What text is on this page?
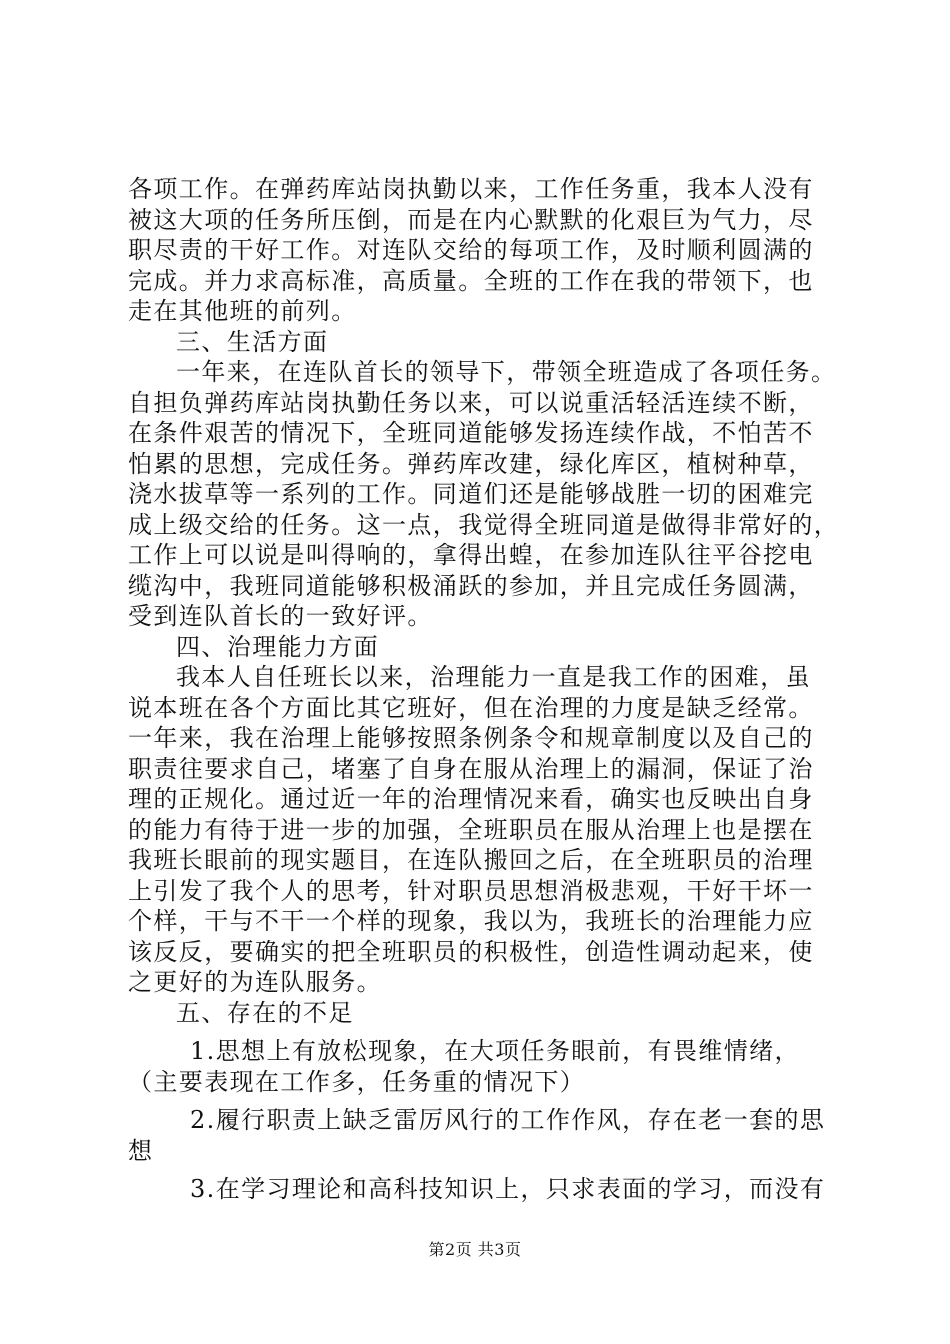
各项工作。在弹药库站岗执勤以来，工作任务重，我本人没有
被这大项的任务所压倒，而是在内心默默的化艰巨为气力，尽
职尽责的干好工作。对连队交给的每项工作，及时顺利圆满的
完成。并力求高标准，高质量。全班的工作在我的带领下，也
走在其他班的前列。
三、生活方面
一年来，在连队首长的领导下，带领全班造成了各项任务。
自担负弹药库站岗执勤任务以来，可以说重活轻活连续不断，
在条件艰苦的情况下，全班同道能够发扬连续作战，不怕苦不
怕累的思想，完成任务。弹药库改建，绿化库区，植树种草，
浇水拔草等一系列的工作。同道们还是能够战胜一切的困难完
成上级交给的任务。这一点，我觉得全班同道是做得非常好的，
工作上可以说是叫得响的，拿得出蝗，在参加连队往平谷挖电
缆沟中，我班同道能够积极涌跃的参加，并且完成任务圆满，
受到连队首长的一致好评。
四、治理能力方面
我本人自任班长以来，治理能力一直是我工作的困难，虽
说本班在各个方面比其它班好，但在治理的力度是缺乏经常。
一年来，我在治理上能够按照条例条令和规章制度以及自己的
职责往要求自己，堵塞了自身在服从治理上的漏洞，保证了治
理的正规化。通过近一年的治理情况来看，确实也反映出自身
的能力有待于进一步的加强，全班职员在服从治理上也是摆在
我班长眼前的现实题目，在连队搬回之后，在全班职员的治理
上引发了我个人的思考，针对职员思想消极悲观，干好干坏一
个样，干与不干一个样的现象，我以为，我班长的治理能力应
该反反，要确实的把全班职员的积极性，创造性调动起来，使
之更好的为连队服务。
五、存在的不足
1.思想上有放松现象，在大项任务眼前，有畏维情绪，
（主要表现在工作多，任务重的情况下）
2.履行职责上缺乏雷厉风行的工作作风，存在老一套的思
想
3.在学习理论和高科技知识上，只求表面的学习，而没有
第2页 共3页
